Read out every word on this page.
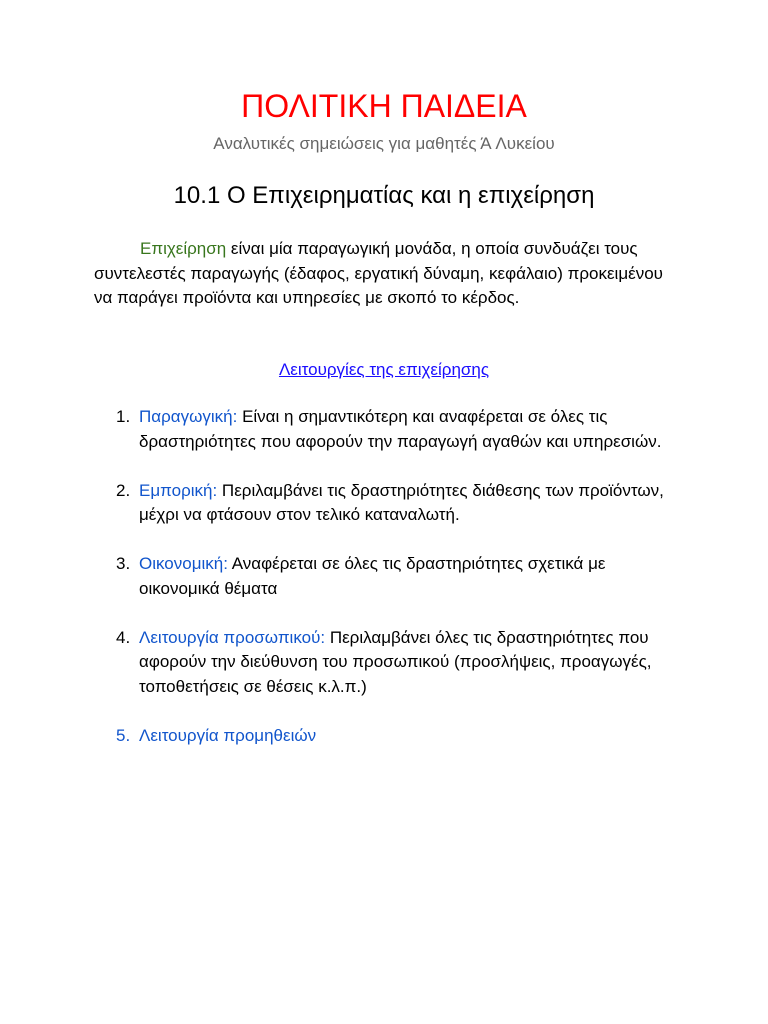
ΠΟΛΙΤΙΚΗ ΠΑΙΔΕΙΑ
Αναλυτικές σημειώσεις για μαθητές Ά Λυκείου
10.1 Ο Επιχειρηματίας και η επιχείρηση

Επιχείρηση είναι μία παραγωγική μονάδα, η οποία συνδυάζει τους συντελεστές παραγωγής (έδαφος, εργατική δύναμη, κεφάλαιο) προκειμένου να παράγει προϊόντα και υπηρεσίες με σκοπό το κέρδος.

Λειτουργίες της επιχείρησης
1. Παραγωγική: Είναι η σημαντικότερη και αναφέρεται σε όλες τις δραστηριότητες που αφορούν την παραγωγή αγαθών και υπηρεσιών.
2. Εμπορική: Περιλαμβάνει τις δραστηριότητες διάθεσης των προϊόντων, μέχρι να φτάσουν στον τελικό καταναλωτή.
3. Οικονομική: Αναφέρεται σε όλες τις δραστηριότητες σχετικά με οικονομικά θέματα
4. Λειτουργία προσωπικού: Περιλαμβάνει όλες τις δραστηριότητες που αφορούν την διεύθυνση του προσωπικού (προσλήψεις, προαγωγές, τοποθετήσεις σε θέσεις κ.λ.π.)
5. Λειτουργία προμηθειών
